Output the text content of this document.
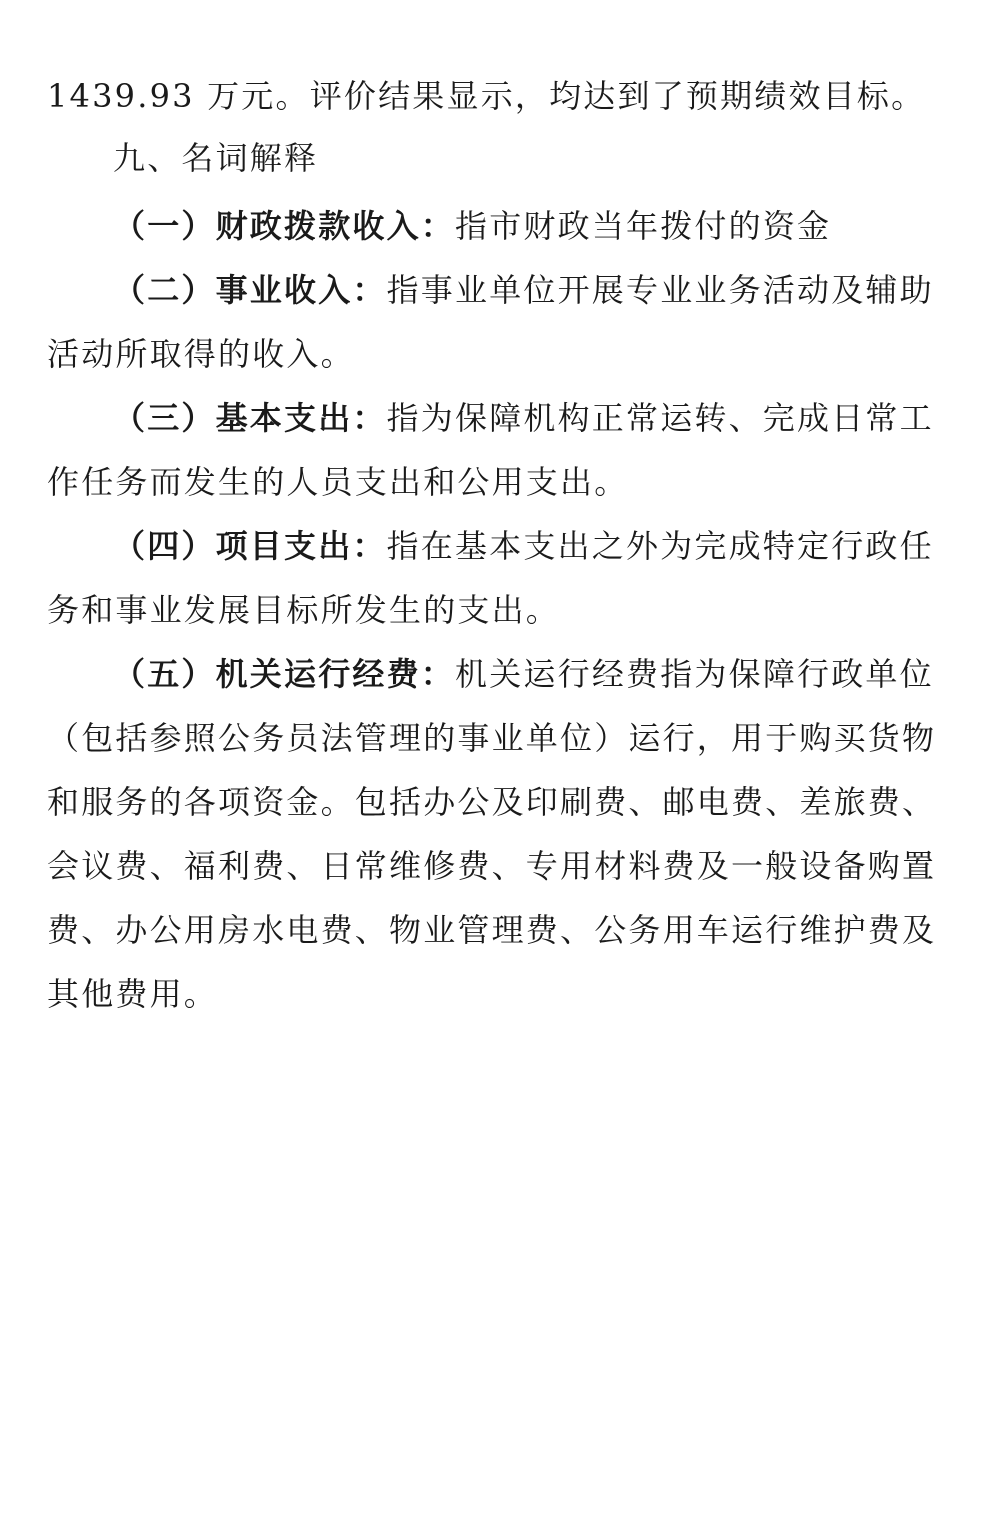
1439.93 万元。评价结果显示，均达到了预期绩效目标。
九、名词解释
（一）财政拨款收入：指市财政当年拨付的资金
（二）事业收入：指事业单位开展专业业务活动及辅助
活动所取得的收入。
（三）基本支出：指为保障机构正常运转、完成日常工
作任务而发生的人员支出和公用支出。
（四）项目支出：指在基本支出之外为完成特定行政任
务和事业发展目标所发生的支出。
（五）机关运行经费：机关运行经费指为保障行政单位
（包括参照公务员法管理的事业单位）运行，用于购买货物
和服务的各项资金。包括办公及印刷费、邮电费、差旅费、
会议费、福利费、日常维修费、专用材料费及一般设备购置
费、办公用房水电费、物业管理费、公务用车运行维护费及
其他费用。
